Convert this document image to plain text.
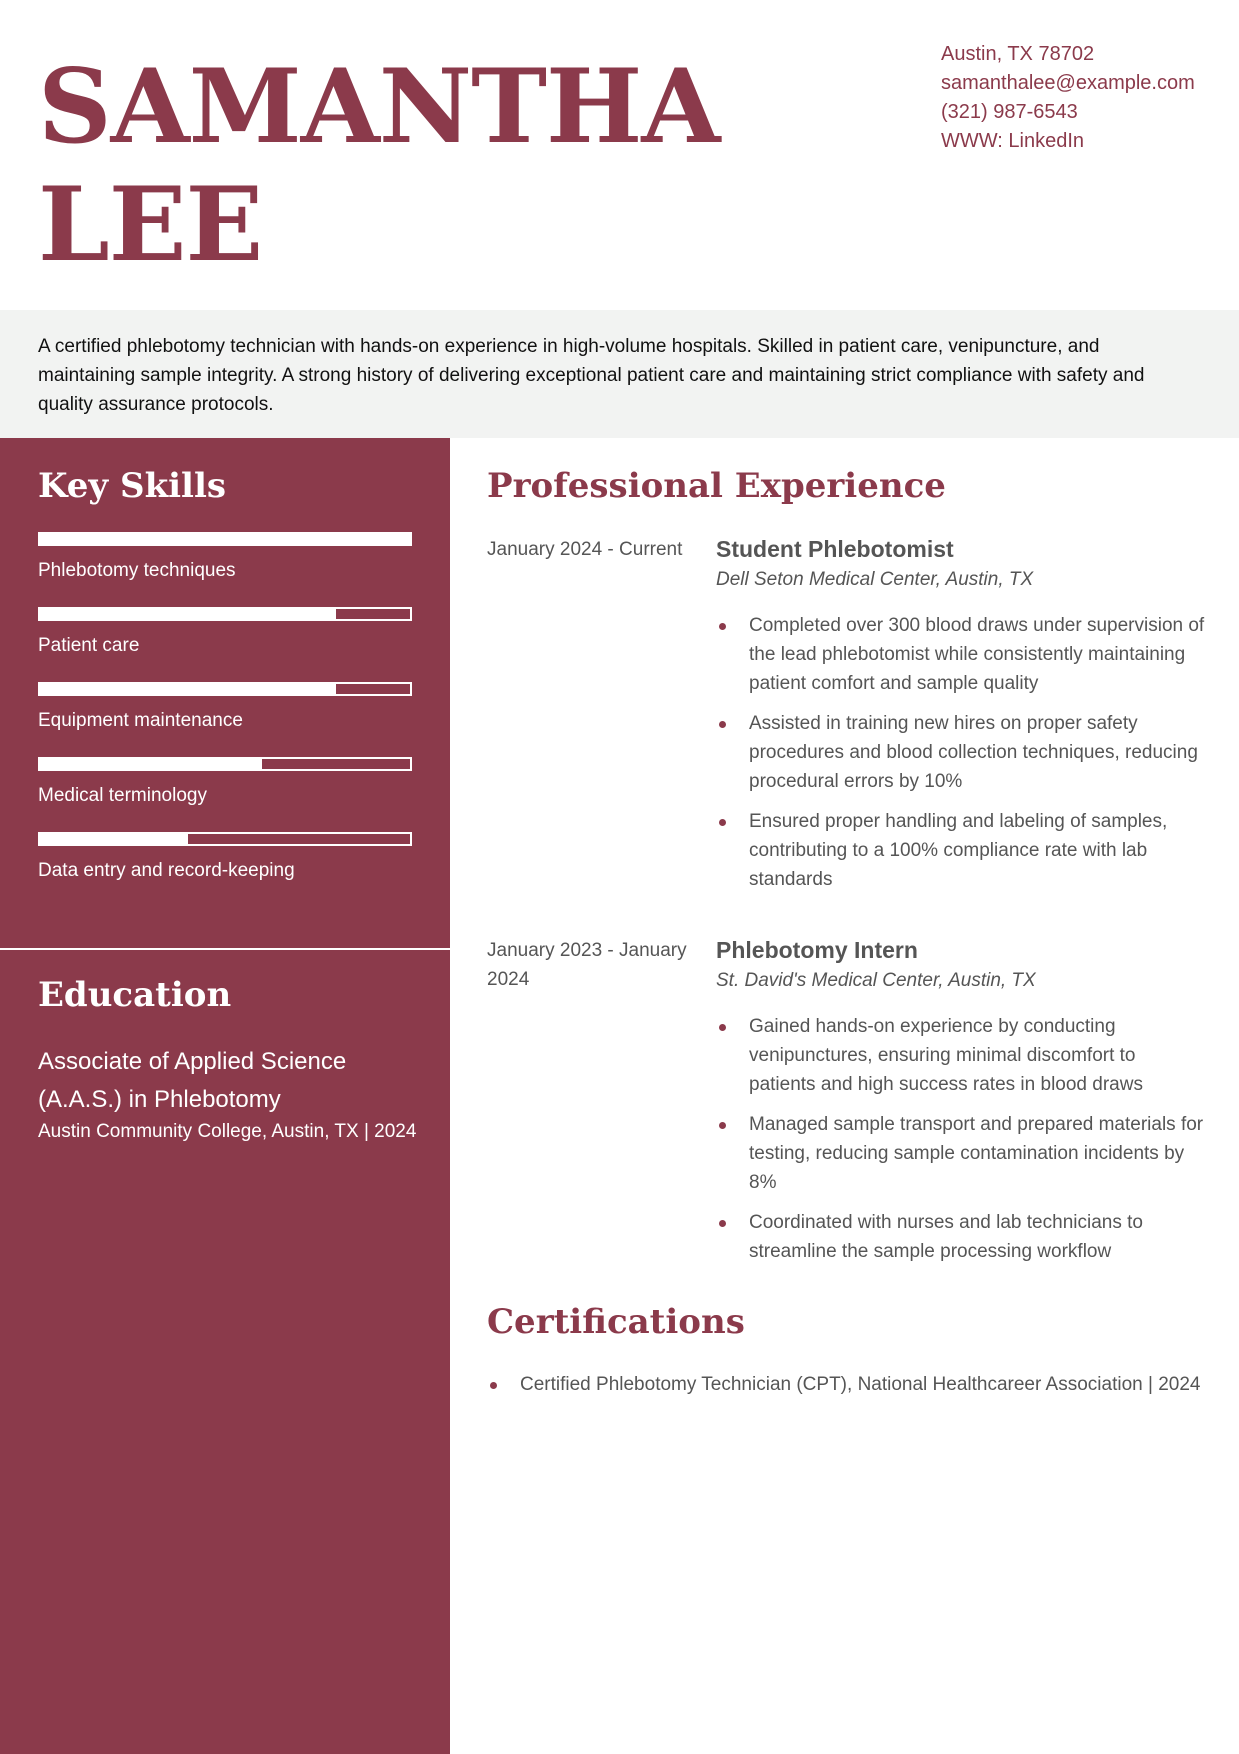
SAMANTHA
LEE
Austin, TX 78702
samanthalee@example.com
(321) 987-6543
WWW: LinkedIn
A certified phlebotomy technician with hands-on experience in high-volume hospitals. Skilled in patient care, venipuncture, and maintaining sample integrity. A strong history of delivering exceptional patient care and maintaining strict compliance with safety and quality assurance protocols.
Key Skills
Phlebotomy techniques
Patient care
Equipment maintenance
Medical terminology
Data entry and record-keeping
Education
Associate of Applied Science (A.A.S.) in Phlebotomy
Austin Community College, Austin, TX | 2024
Professional Experience
January 2024 - Current Student Phlebotomist
Dell Seton Medical Center, Austin, TX
Completed over 300 blood draws under supervision of the lead phlebotomist while consistently maintaining patient comfort and sample quality
Assisted in training new hires on proper safety procedures and blood collection techniques, reducing procedural errors by 10%
Ensured proper handling and labeling of samples, contributing to a 100% compliance rate with lab standards
January 2023 - January 2024
Phlebotomy Intern
St. David's Medical Center, Austin, TX
Gained hands-on experience by conducting venipunctures, ensuring minimal discomfort to patients and high success rates in blood draws
Managed sample transport and prepared materials for testing, reducing sample contamination incidents by 8%
Coordinated with nurses and lab technicians to streamline the sample processing workflow
Certifications
Certified Phlebotomy Technician (CPT), National Healthcareer Association | 2024
